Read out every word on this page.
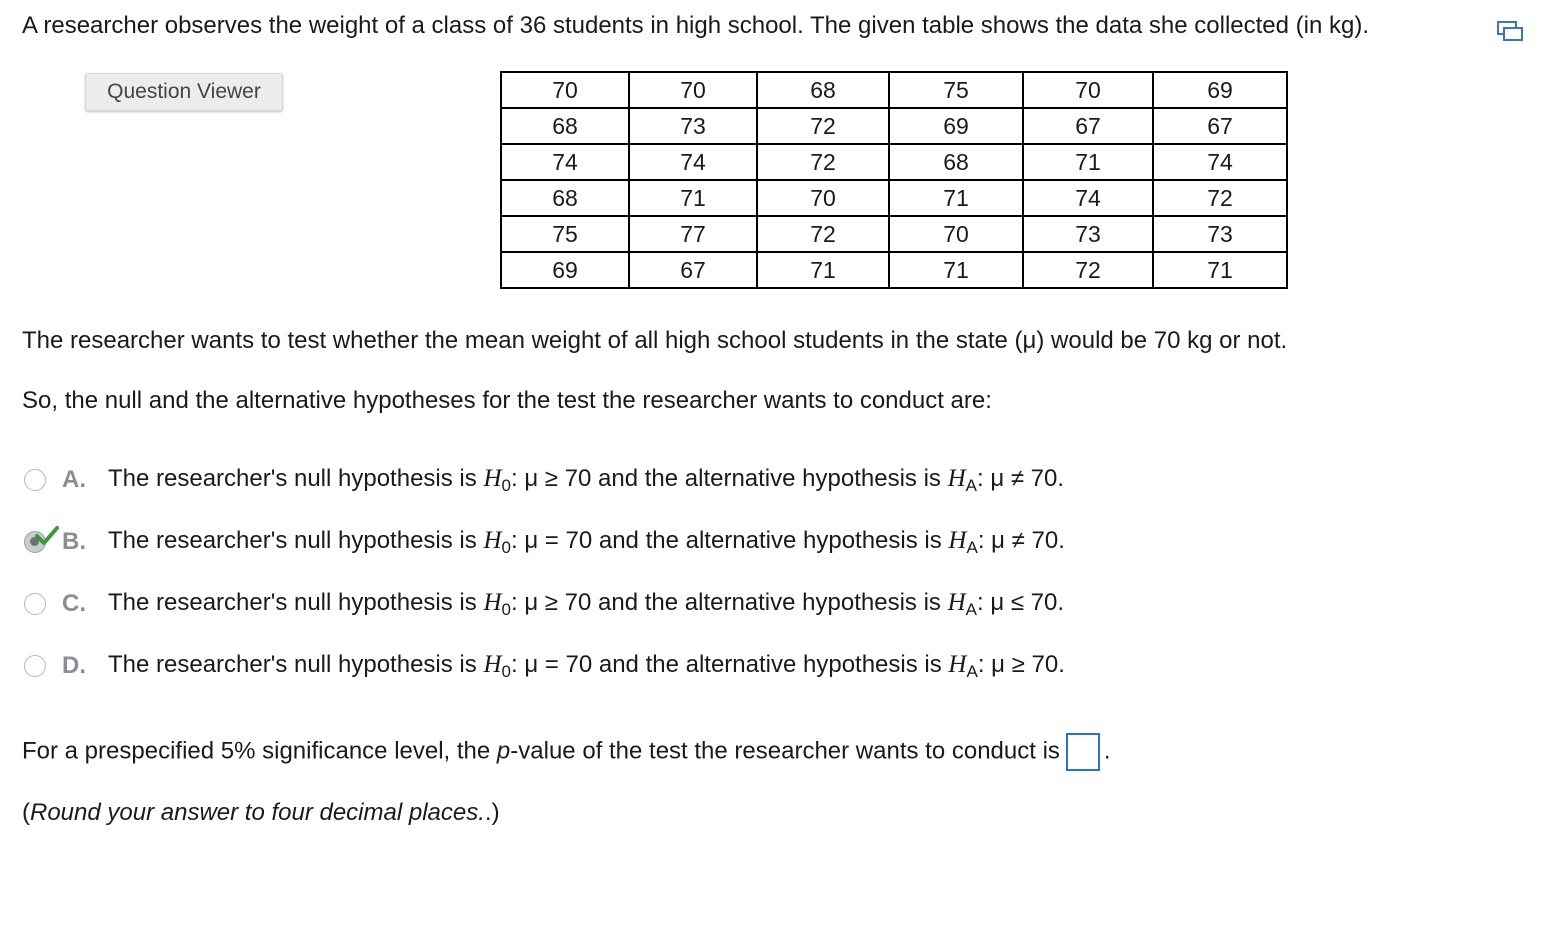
A researcher observes the weight of a class of 36 students in high school. The given table shows the data she collected (in kg).
Question Viewer	70	70	68	75	70	69
68	73	72	69	67	67
74	74	72	68	71	74
68	71	70	71	74	72
75	77	72	70	73	73
69	67	71	71	72	71
The researcher wants to test whether the mean weight of all high school students in the state (μ) would be 70 kg or not.
So, the null and the alternative hypotheses for the test the researcher wants to conduct are:
A. The researcher's null hypothesis is $H_0$: μ ≥ 70 and the alternative hypothesis is $H_A$: μ ≠ 70.
B. The researcher's null hypothesis is $H_0$: μ = 70 and the alternative hypothesis is $H_A$: μ ≠ 70.
C. The researcher's null hypothesis is $H_0$: μ ≥ 70 and the alternative hypothesis is $H_A$: μ ≤ 70.
D. The researcher's null hypothesis is $H_0$: μ = 70 and the alternative hypothesis is $H_A$: μ ≥ 70.
For a prespecified 5% significance level, the p-value of the test the researcher wants to conduct is .
(Round your answer to four decimal places..)
